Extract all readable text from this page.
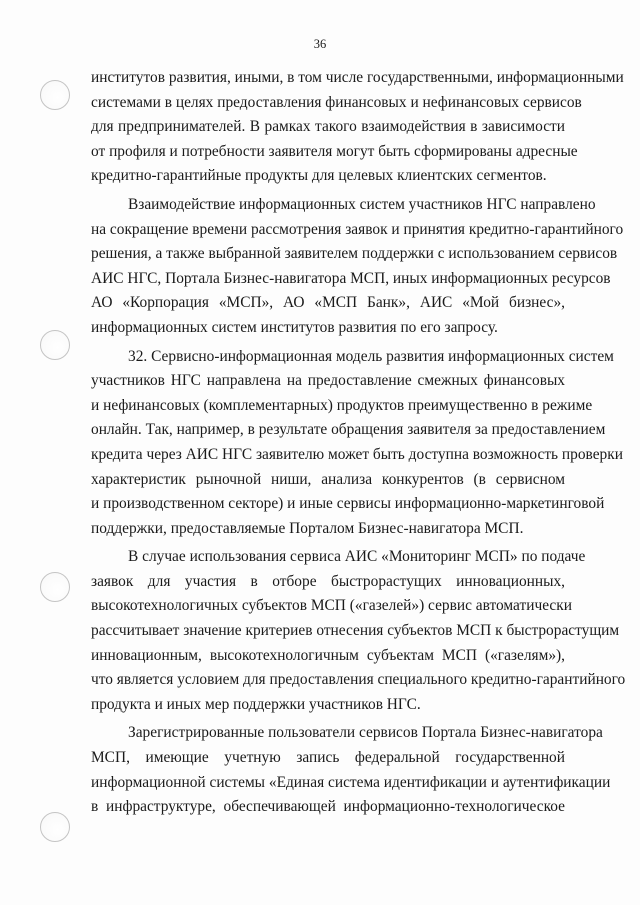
36
институтов развития, иными, в том числе государственными, информационными
системами в целях предоставления финансовых и нефинансовых сервисов
для предпринимателей. В рамках такого взаимодействия в зависимости
от профиля и потребности заявителя могут быть сформированы адресные
кредитно-гарантийные продукты для целевых клиентских сегментов.
Взаимодействие информационных систем участников НГС направлено
на сокращение времени рассмотрения заявок и принятия кредитно-гарантийного
решения, а также выбранной заявителем поддержки с использованием сервисов
АИС НГС, Портала Бизнес-навигатора МСП, иных информационных ресурсов
АО «Корпорация «МСП», АО «МСП Банк», АИС «Мой бизнес»,
информационных систем институтов развития по его запросу.
32. Сервисно-информационная модель развития информационных систем
участников НГС направлена на предоставление смежных финансовых
и нефинансовых (комплементарных) продуктов преимущественно в режиме
онлайн. Так, например, в результате обращения заявителя за предоставлением
кредита через АИС НГС заявителю может быть доступна возможность проверки
характеристик рыночной ниши, анализа конкурентов (в сервисном
и производственном секторе) и иные сервисы информационно-маркетинговой
поддержки, предоставляемые Порталом Бизнес-навигатора МСП.
В случае использования сервиса АИС «Мониторинг МСП» по подаче
заявок для участия в отборе быстрорастущих инновационных,
высокотехнологичных субъектов МСП («газелей») сервис автоматически
рассчитывает значение критериев отнесения субъектов МСП к быстрорастущим
инновационным, высокотехнологичным субъектам МСП («газелям»),
что является условием для предоставления специального кредитно-гарантийного
продукта и иных мер поддержки участников НГС.
Зарегистрированные пользователи сервисов Портала Бизнес-навигатора
МСП, имеющие учетную запись федеральной государственной
информационной системы «Единая система идентификации и аутентификации
в инфраструктуре, обеспечивающей информационно-технологическое
